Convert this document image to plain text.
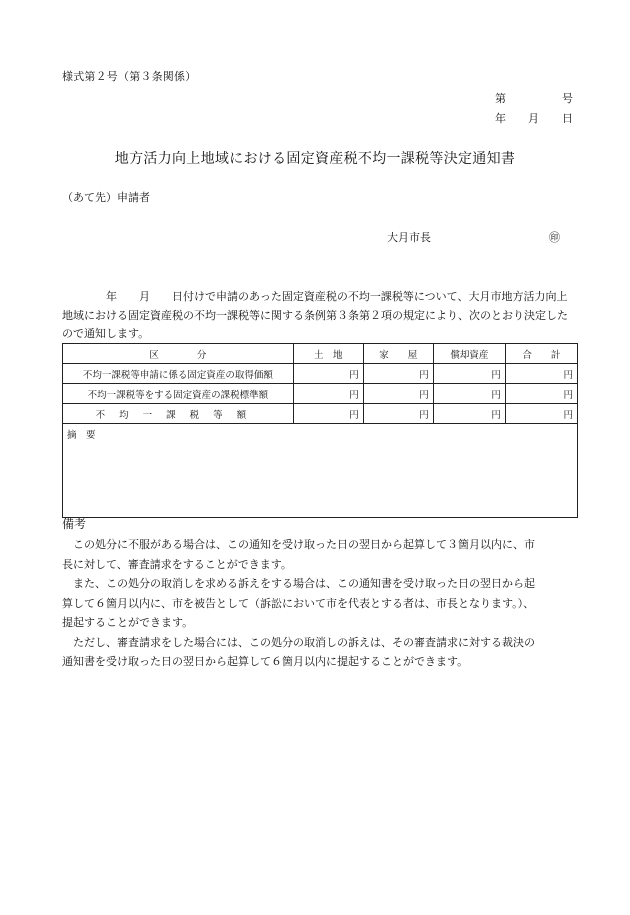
様式第２号（第３条関係）
第	号
年 月 日
地方活力向上地域における固定資産税不均一課税等決定通知書
（あて先）申請者
大月市長	㊞
　　　　年　　月　　日付けで申請のあった固定資産税の不均一課税等について、大月市地方活力向上
地域における固定資産税の不均一課税等に関する条例第３条第２項の規定により、次のとおり決定した
ので通知します。
区　　　　分	土　地	家　　屋	償却資産	合　　計
不均一課税等申請に係る固定資産の取得価額	円	円	円	円
不均一課税等をする固定資産の課税標準額	円	円	円	円
不均一課税等額	円	円	円	円
摘　要				
備考
　この処分に不服がある場合は、この通知を受け取った日の翌日から起算して３箇月以内に、市
長に対して、審査請求をすることができます。
　また、この処分の取消しを求める訴えをする場合は、この通知書を受け取った日の翌日から起
算して６箇月以内に、市を被告として（訴訟において市を代表とする者は、市長となります。）、
提起することができます。
　ただし、審査請求をした場合には、この処分の取消しの訴えは、その審査請求に対する裁決の
通知書を受け取った日の翌日から起算して６箇月以内に提起することができます。
